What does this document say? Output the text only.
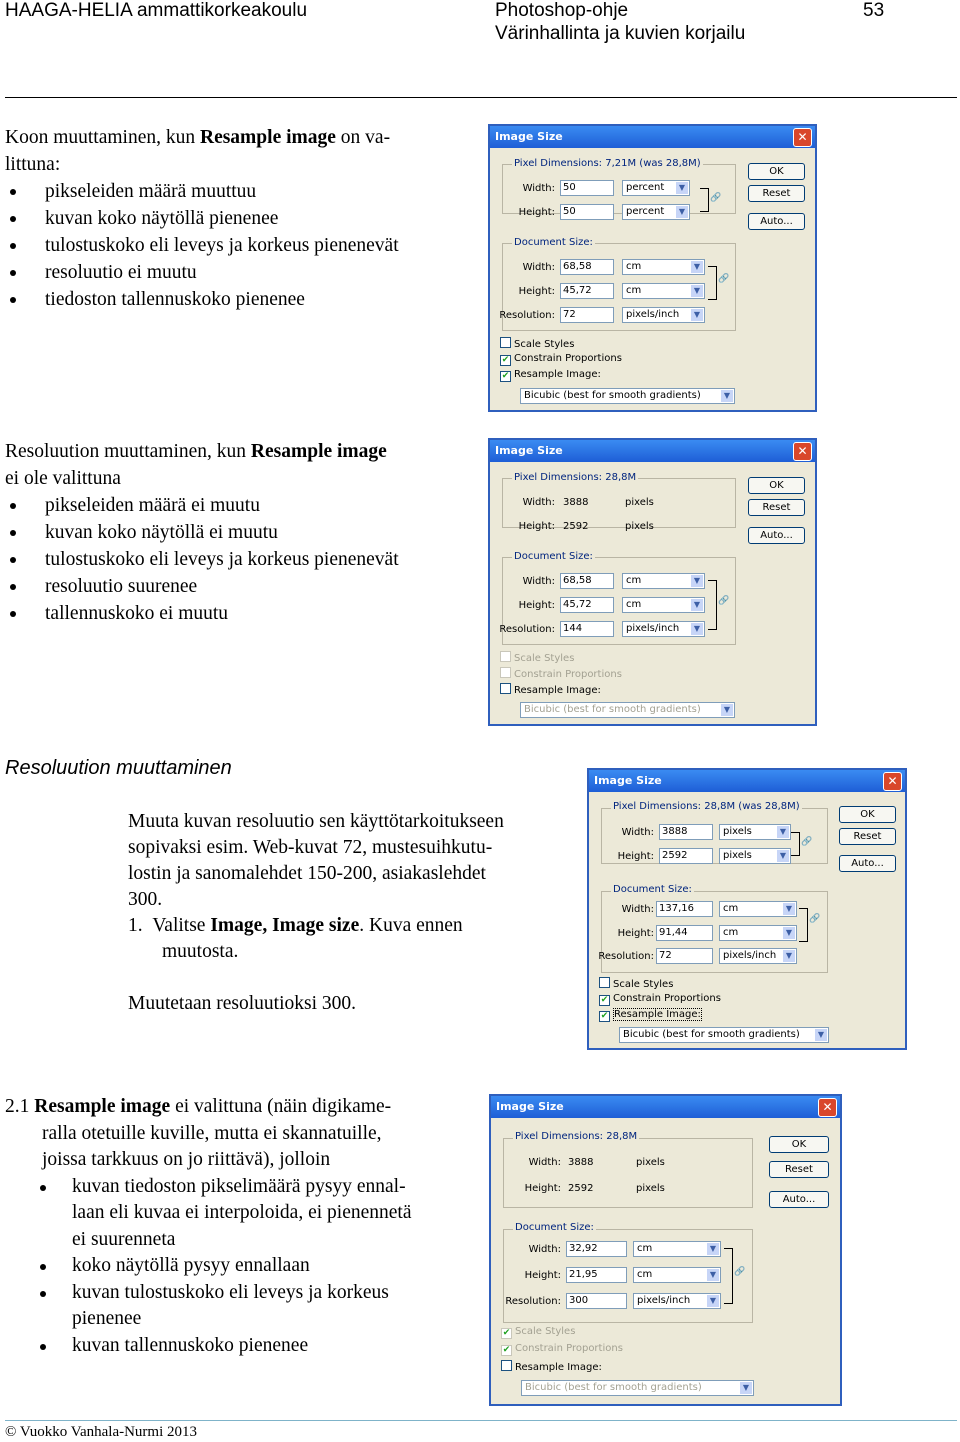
HAAGA-HELIA ammattikorkeakoulu	Photoshop-ohje
Värinhallinta ja kuvien korjailu
53
Koon muuttaminen, kun Resample image on va-
littuna:
pikseleiden määrä muuttuu
kuvan koko näytöllä pienenee
tulostuskoko eli leveys ja korkeus pienenevät
resoluutio ei muutu
tiedoston tallennuskoko pienenee
Resoluution muuttaminen, kun Resample image
ei ole valittuna
pikseleiden määrä ei muutu
kuvan koko näytöllä ei muutu
tulostuskoko eli leveys ja korkeus pienenevät
resoluutio suurenee
tallennuskoko ei muutu
Resoluution muuttaminen
Muuta kuvan resoluutio sen käyttötarkoitukseen
sopivaksi esim. Web-kuvat 72, mustesuihkutu-
lostin ja sanomalehdet 150-200, asiakaslehdet
300.
1. Valitse Image, Image size. Kuva ennen
muutosta.
Muutetaan resoluutioksi 300.
2.1 Resample image ei valittuna (näin digikame-
ralla otetuille kuville, mutta ei skannatuille,
joissa tarkkuus on jo riittävä), jolloin
kuvan tiedoston pikselimäärä pysyy ennal-
laan eli kuvaa ei interpoloida, ei pienennetä
ei suurenneta
koko näytöllä pysyy ennallaan
kuvan tulostuskoko eli leveys ja korkeus
pienenee
kuvan tallennuskoko pienenee
Image Size	✕
Pixel Dimensions: 7,21M (was 28,8M)
Width: 50	percent	▼
Height: 50	percent	▼
🔗
Document Size:
Width: 68,58	cm	▼
Height: 45,72	cm	▼
Resolution: 72	pixels/inch	▼
🔗
OK
Reset
Auto...
Scale Styles
✔ Constrain Proportions
✔ Resample Image:
Bicubic (best for smooth gradients)	▼
Image Size	✕
Pixel Dimensions: 28,8M
Width: 3888	pixels
Height: 2592	pixels
Document Size:
Width: 68,58	cm	▼
Height: 45,72	cm	▼
Resolution: 144	pixels/inch	▼
🔗
OK
Reset
Auto...
Scale Styles
Constrain Proportions
Resample Image:
Bicubic (best for smooth gradients)	▼
Image Size	✕
Pixel Dimensions: 28,8M (was 28,8M)
Width: 3888	pixels	▼
Height: 2592	pixels	▼
🔗
Document Size:
Width: 137,16	cm	▼
Height: 91,44	cm	▼
Resolution: 72	pixels/inch	▼
🔗
OK
Reset
Auto...
Scale Styles
✔ Constrain Proportions
✔ Resample Image:
Bicubic (best for smooth gradients)	▼
Image Size	✕
Pixel Dimensions: 28,8M
Width: 3888	pixels
Height: 2592	pixels
Document Size:
Width: 32,92	cm	▼
Height: 21,95	cm	▼
Resolution: 300	pixels/inch	▼
🔗
OK
Reset
Auto...
✔ Scale Styles
✔ Constrain Proportions
Resample Image:
Bicubic (best for smooth gradients)	▼
© Vuokko Vanhala-Nurmi 2013
